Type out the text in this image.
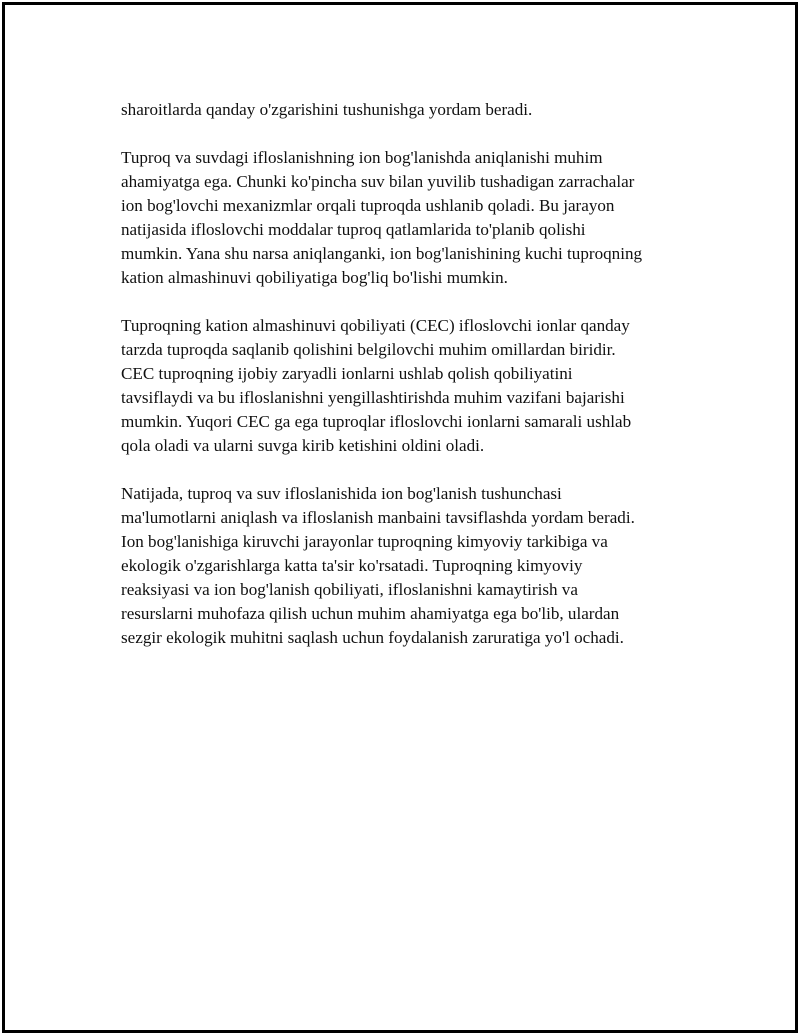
sharoitlarda qanday o'zgarishini tushunishga yordam beradi.

Tuproq va suvdagi ifloslanishning ion bog'lanishda aniqlanishi muhim
ahamiyatga ega. Chunki ko'pincha suv bilan yuvilib tushadigan zarrachalar
ion bog'lovchi mexanizmlar orqali tuproqda ushlanib qoladi. Bu jarayon
natijasida ifloslovchi moddalar tuproq qatlamlarida to'planib qolishi
mumkin. Yana shu narsa aniqlanganki, ion bog'lanishining kuchi tuproqning
kation almashinuvi qobiliyatiga bog'liq bo'lishi mumkin.

Tuproqning kation almashinuvi qobiliyati (CEC) ifloslovchi ionlar qanday
tarzda tuproqda saqlanib qolishini belgilovchi muhim omillardan biridir.
CEC tuproqning ijobiy zaryadli ionlarni ushlab qolish qobiliyatini
tavsiflaydi va bu ifloslanishni yengillashtirishda muhim vazifani bajarishi
mumkin. Yuqori CEC ga ega tuproqlar ifloslovchi ionlarni samarali ushlab
qola oladi va ularni suvga kirib ketishini oldini oladi.

Natijada, tuproq va suv ifloslanishida ion bog'lanish tushunchasi
ma'lumotlarni aniqlash va ifloslanish manbaini tavsiflashda yordam beradi.
Ion bog'lanishiga kiruvchi jarayonlar tuproqning kimyoviy tarkibiga va
ekologik o'zgarishlarga katta ta'sir ko'rsatadi. Tuproqning kimyoviy
reaksiyasi va ion bog'lanish qobiliyati, ifloslanishni kamaytirish va
resurslarni muhofaza qilish uchun muhim ahamiyatga ega bo'lib, ulardan
sezgir ekologik muhitni saqlash uchun foydalanish zaruratiga yo'l ochadi.
